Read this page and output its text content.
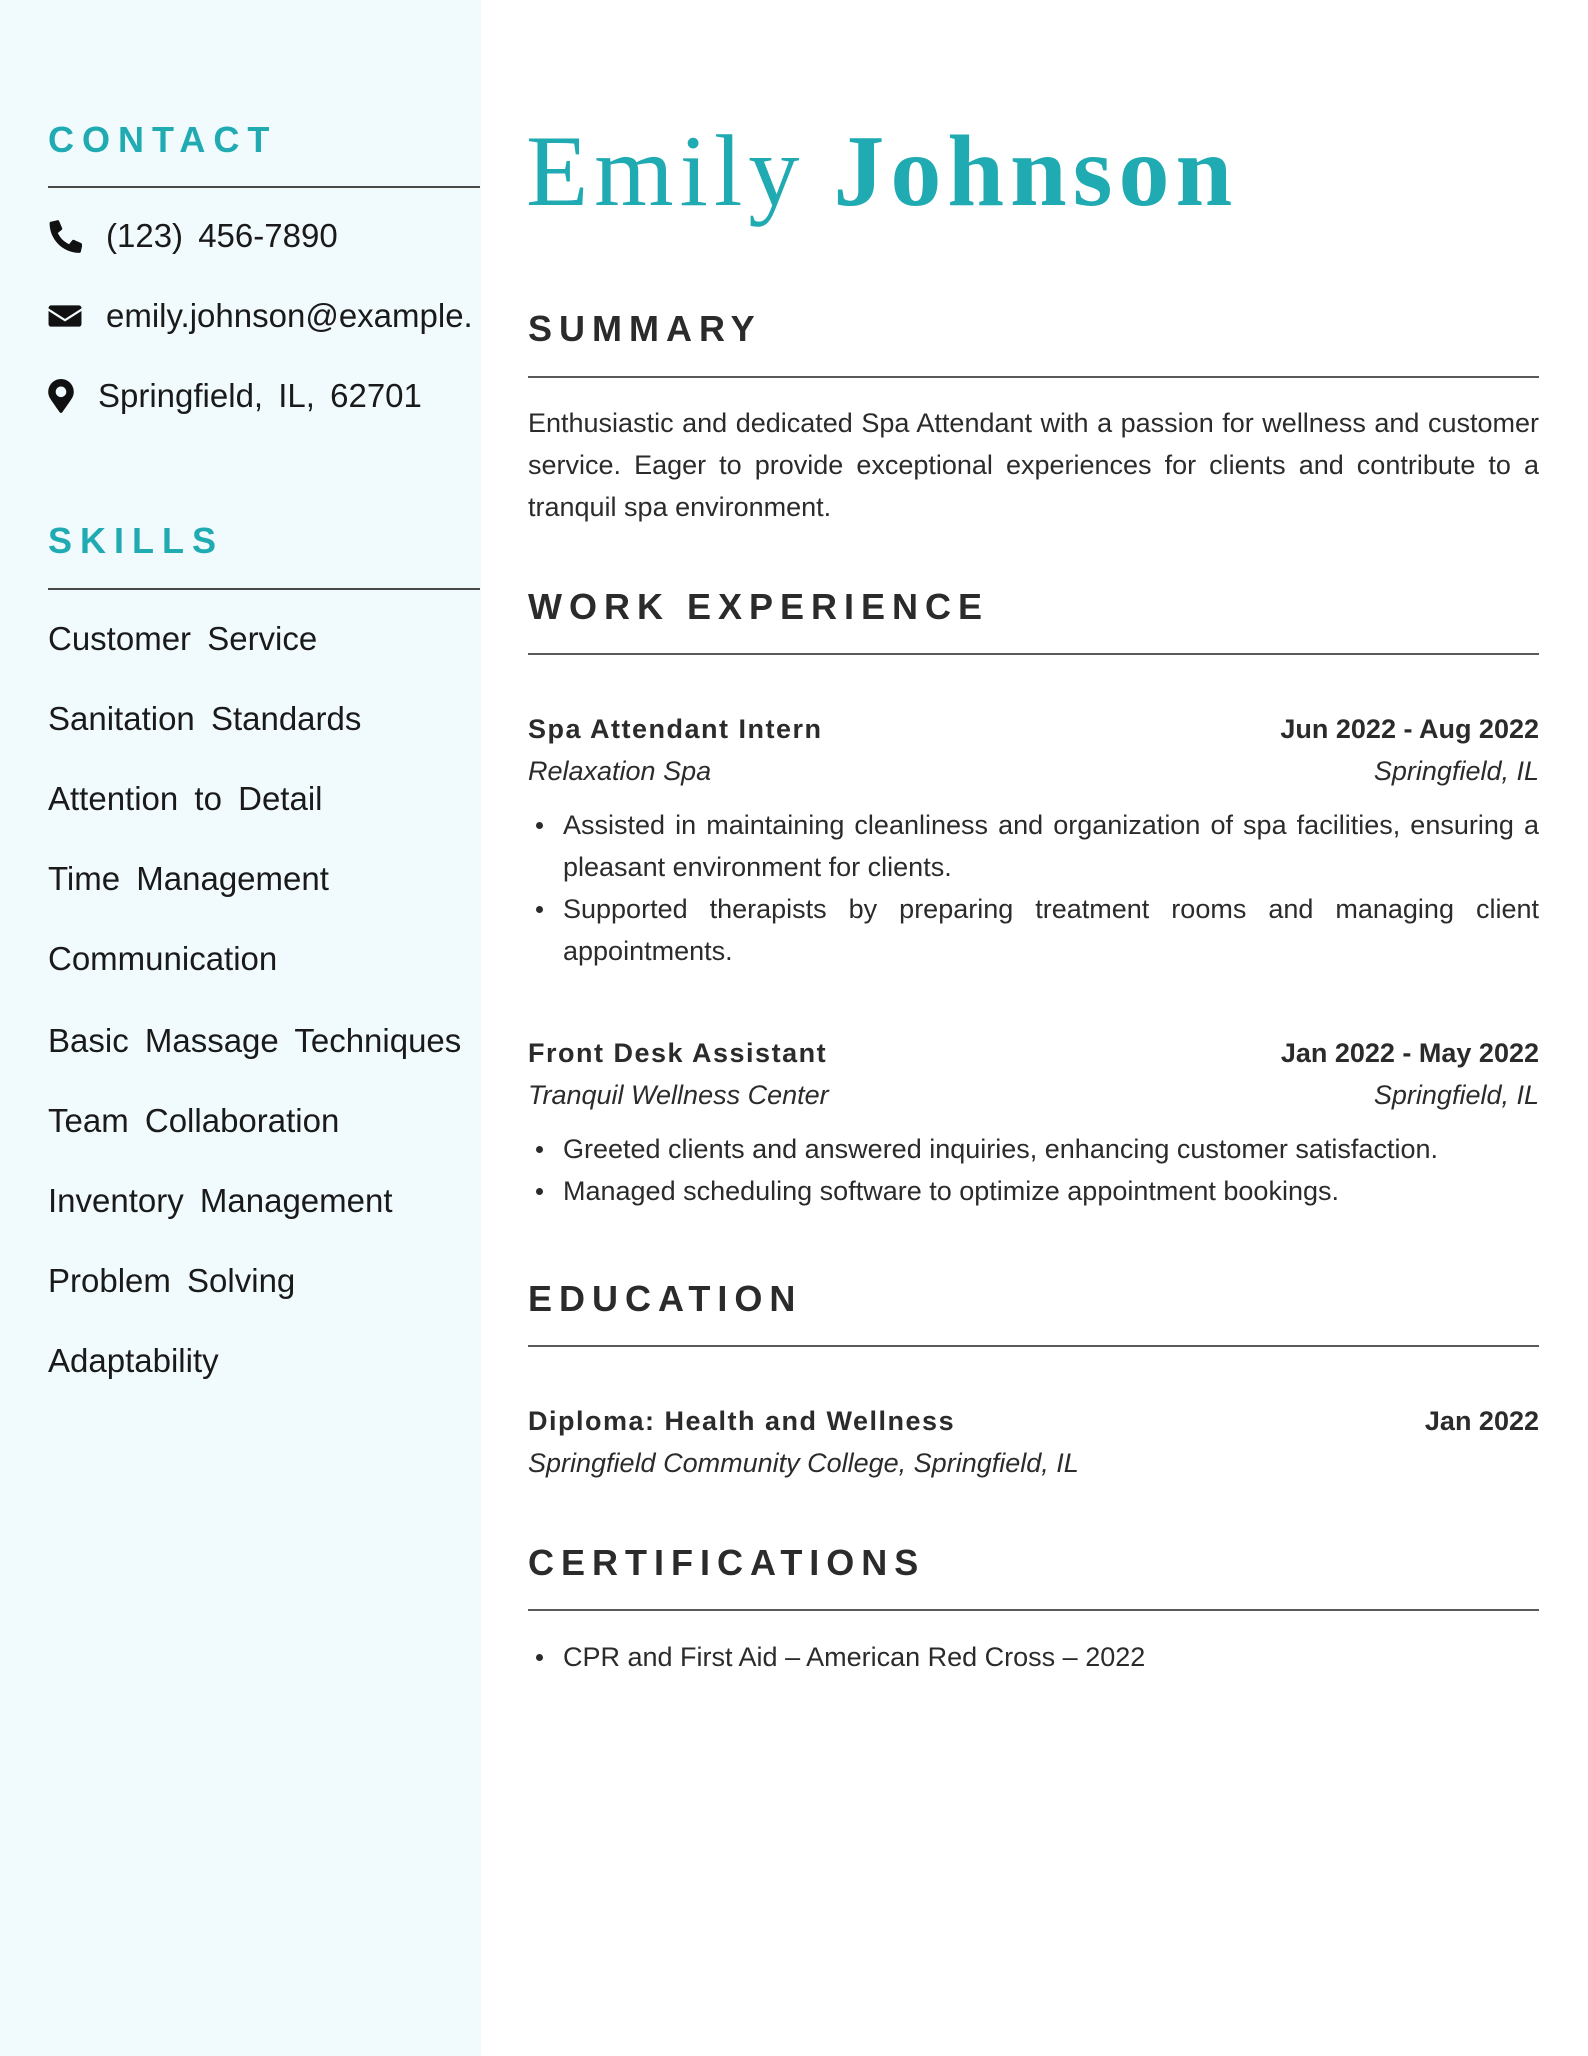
CONTACT
(123) 456-7890
emily.johnson@example.
Springfield, IL, 62701
SKILLS
Customer Service
Sanitation Standards
Attention to Detail
Time Management
Communication
Basic Massage Techniques
Team Collaboration
Inventory Management
Problem Solving
Adaptability
Emily Johnson
SUMMARY

Enthusiastic and dedicated Spa Attendant with a passion for wellness and customer service. Eager to provide exceptional experiences for clients and contribute to a tranquil spa environment.

WORK EXPERIENCE
Spa Attendant Intern	Jun 2022 - Aug 2022
Relaxation Spa	Springfield, IL
Assisted in maintaining cleanliness and organization of spa facilities, ensuring a pleasant environment for clients.
Supported therapists by preparing treatment rooms and managing client appointments.
Front Desk Assistant	Jan 2022 - May 2022
Tranquil Wellness Center	Springfield, IL
Greeted clients and answered inquiries, enhancing customer satisfaction.
Managed scheduling software to optimize appointment bookings.
EDUCATION
Diploma: Health and Wellness	Jan 2022
Springfield Community College, Springfield, IL
CERTIFICATIONS
CPR and First Aid – American Red Cross – 2022
